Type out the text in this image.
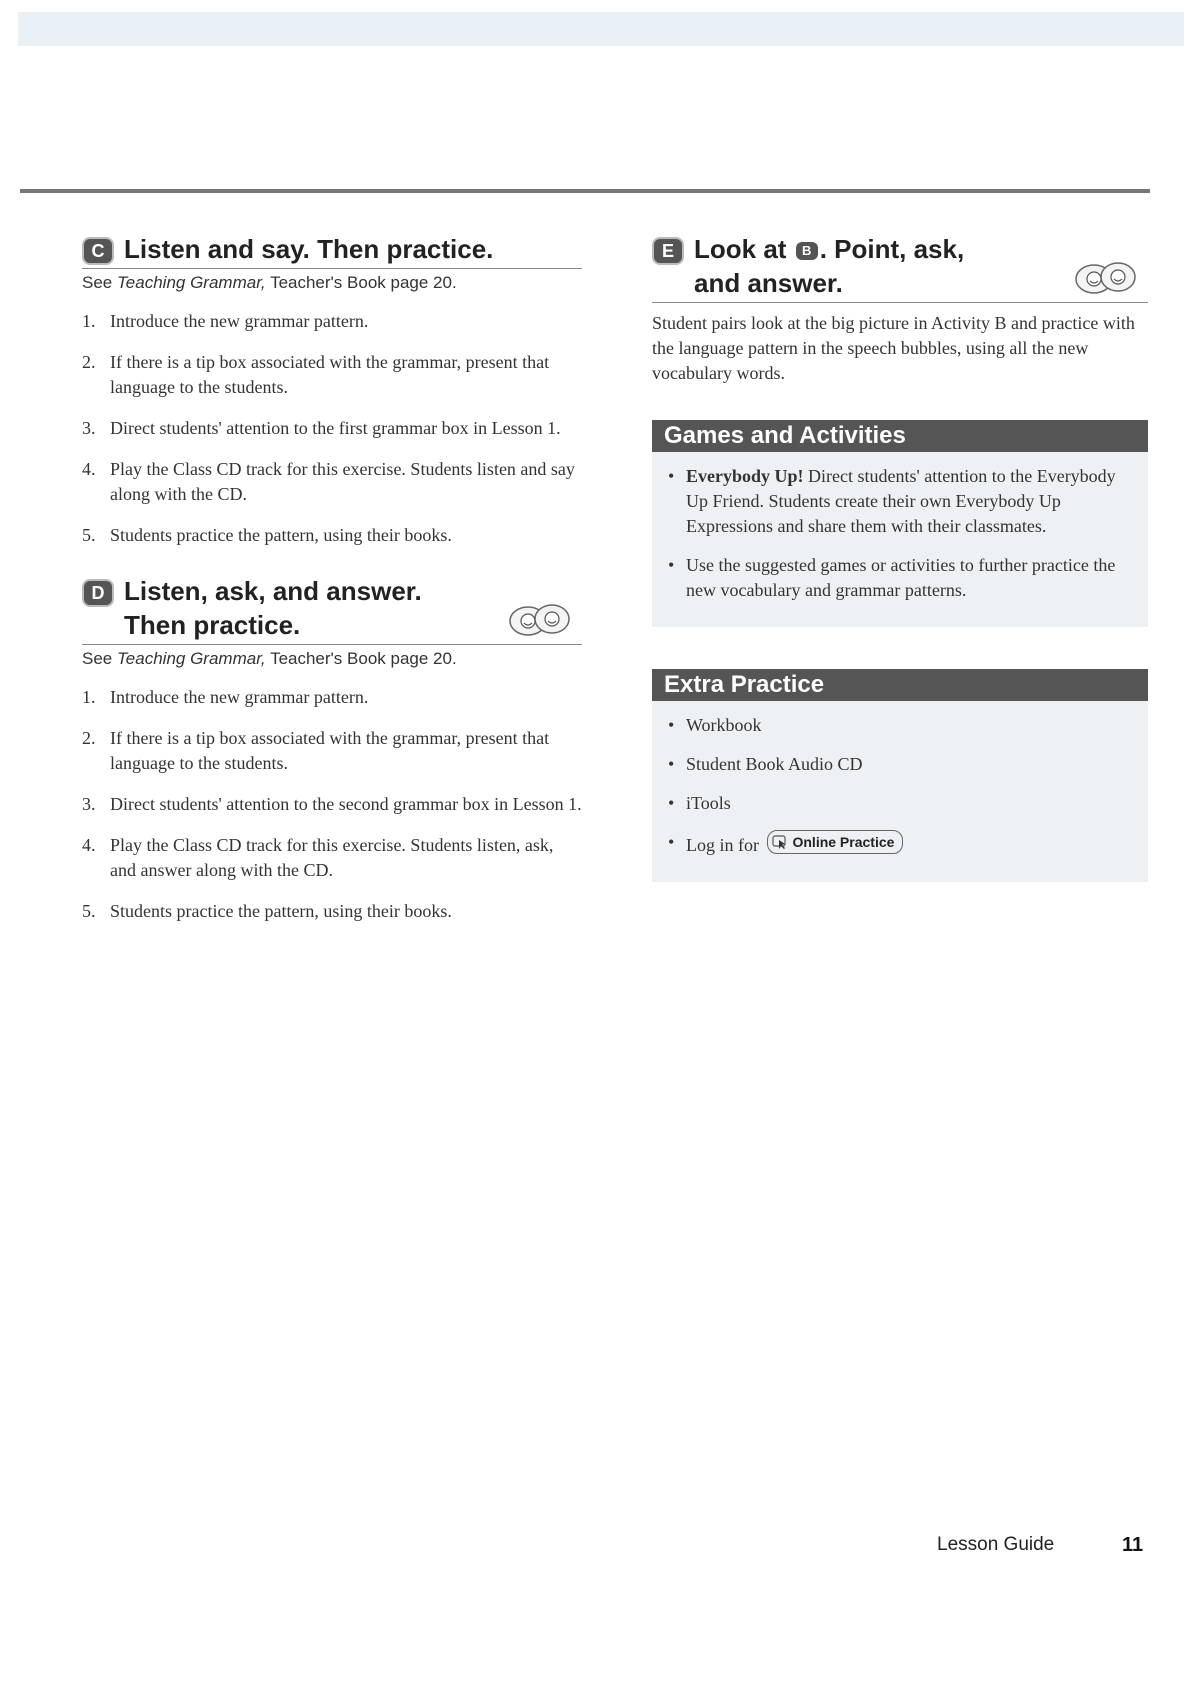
C Listen and say. Then practice.
See Teaching Grammar, Teacher's Book page 20.
1. Introduce the new grammar pattern.
2. If there is a tip box associated with the grammar, present that language to the students.
3. Direct students' attention to the first grammar box in Lesson 1.
4. Play the Class CD track for this exercise. Students listen and say along with the CD.
5. Students practice the pattern, using their books.
D Listen, ask, and answer.
Then practice.
See Teaching Grammar, Teacher's Book page 20.
1. Introduce the new grammar pattern.
2. If there is a tip box associated with the grammar, present that language to the students.
3. Direct students' attention to the second grammar box in Lesson 1.
4. Play the Class CD track for this exercise. Students listen, ask, and answer along with the CD.
5. Students practice the pattern, using their books.
E Look at B . Point, ask,
and answer.
Student pairs look at the big picture in Activity B and practice with the language pattern in the speech bubbles, using all the new vocabulary words.
Games and Activities
• Everybody Up! Direct students' attention to the Everybody Up Friend. Students create their own Everybody Up Expressions and share them with their classmates.
• Use the suggested games or activities to further practice the new vocabulary and grammar patterns.
Extra Practice
• Workbook
• Student Book Audio CD
• iTools
• Log in for Online Practice
Lesson Guide	11
